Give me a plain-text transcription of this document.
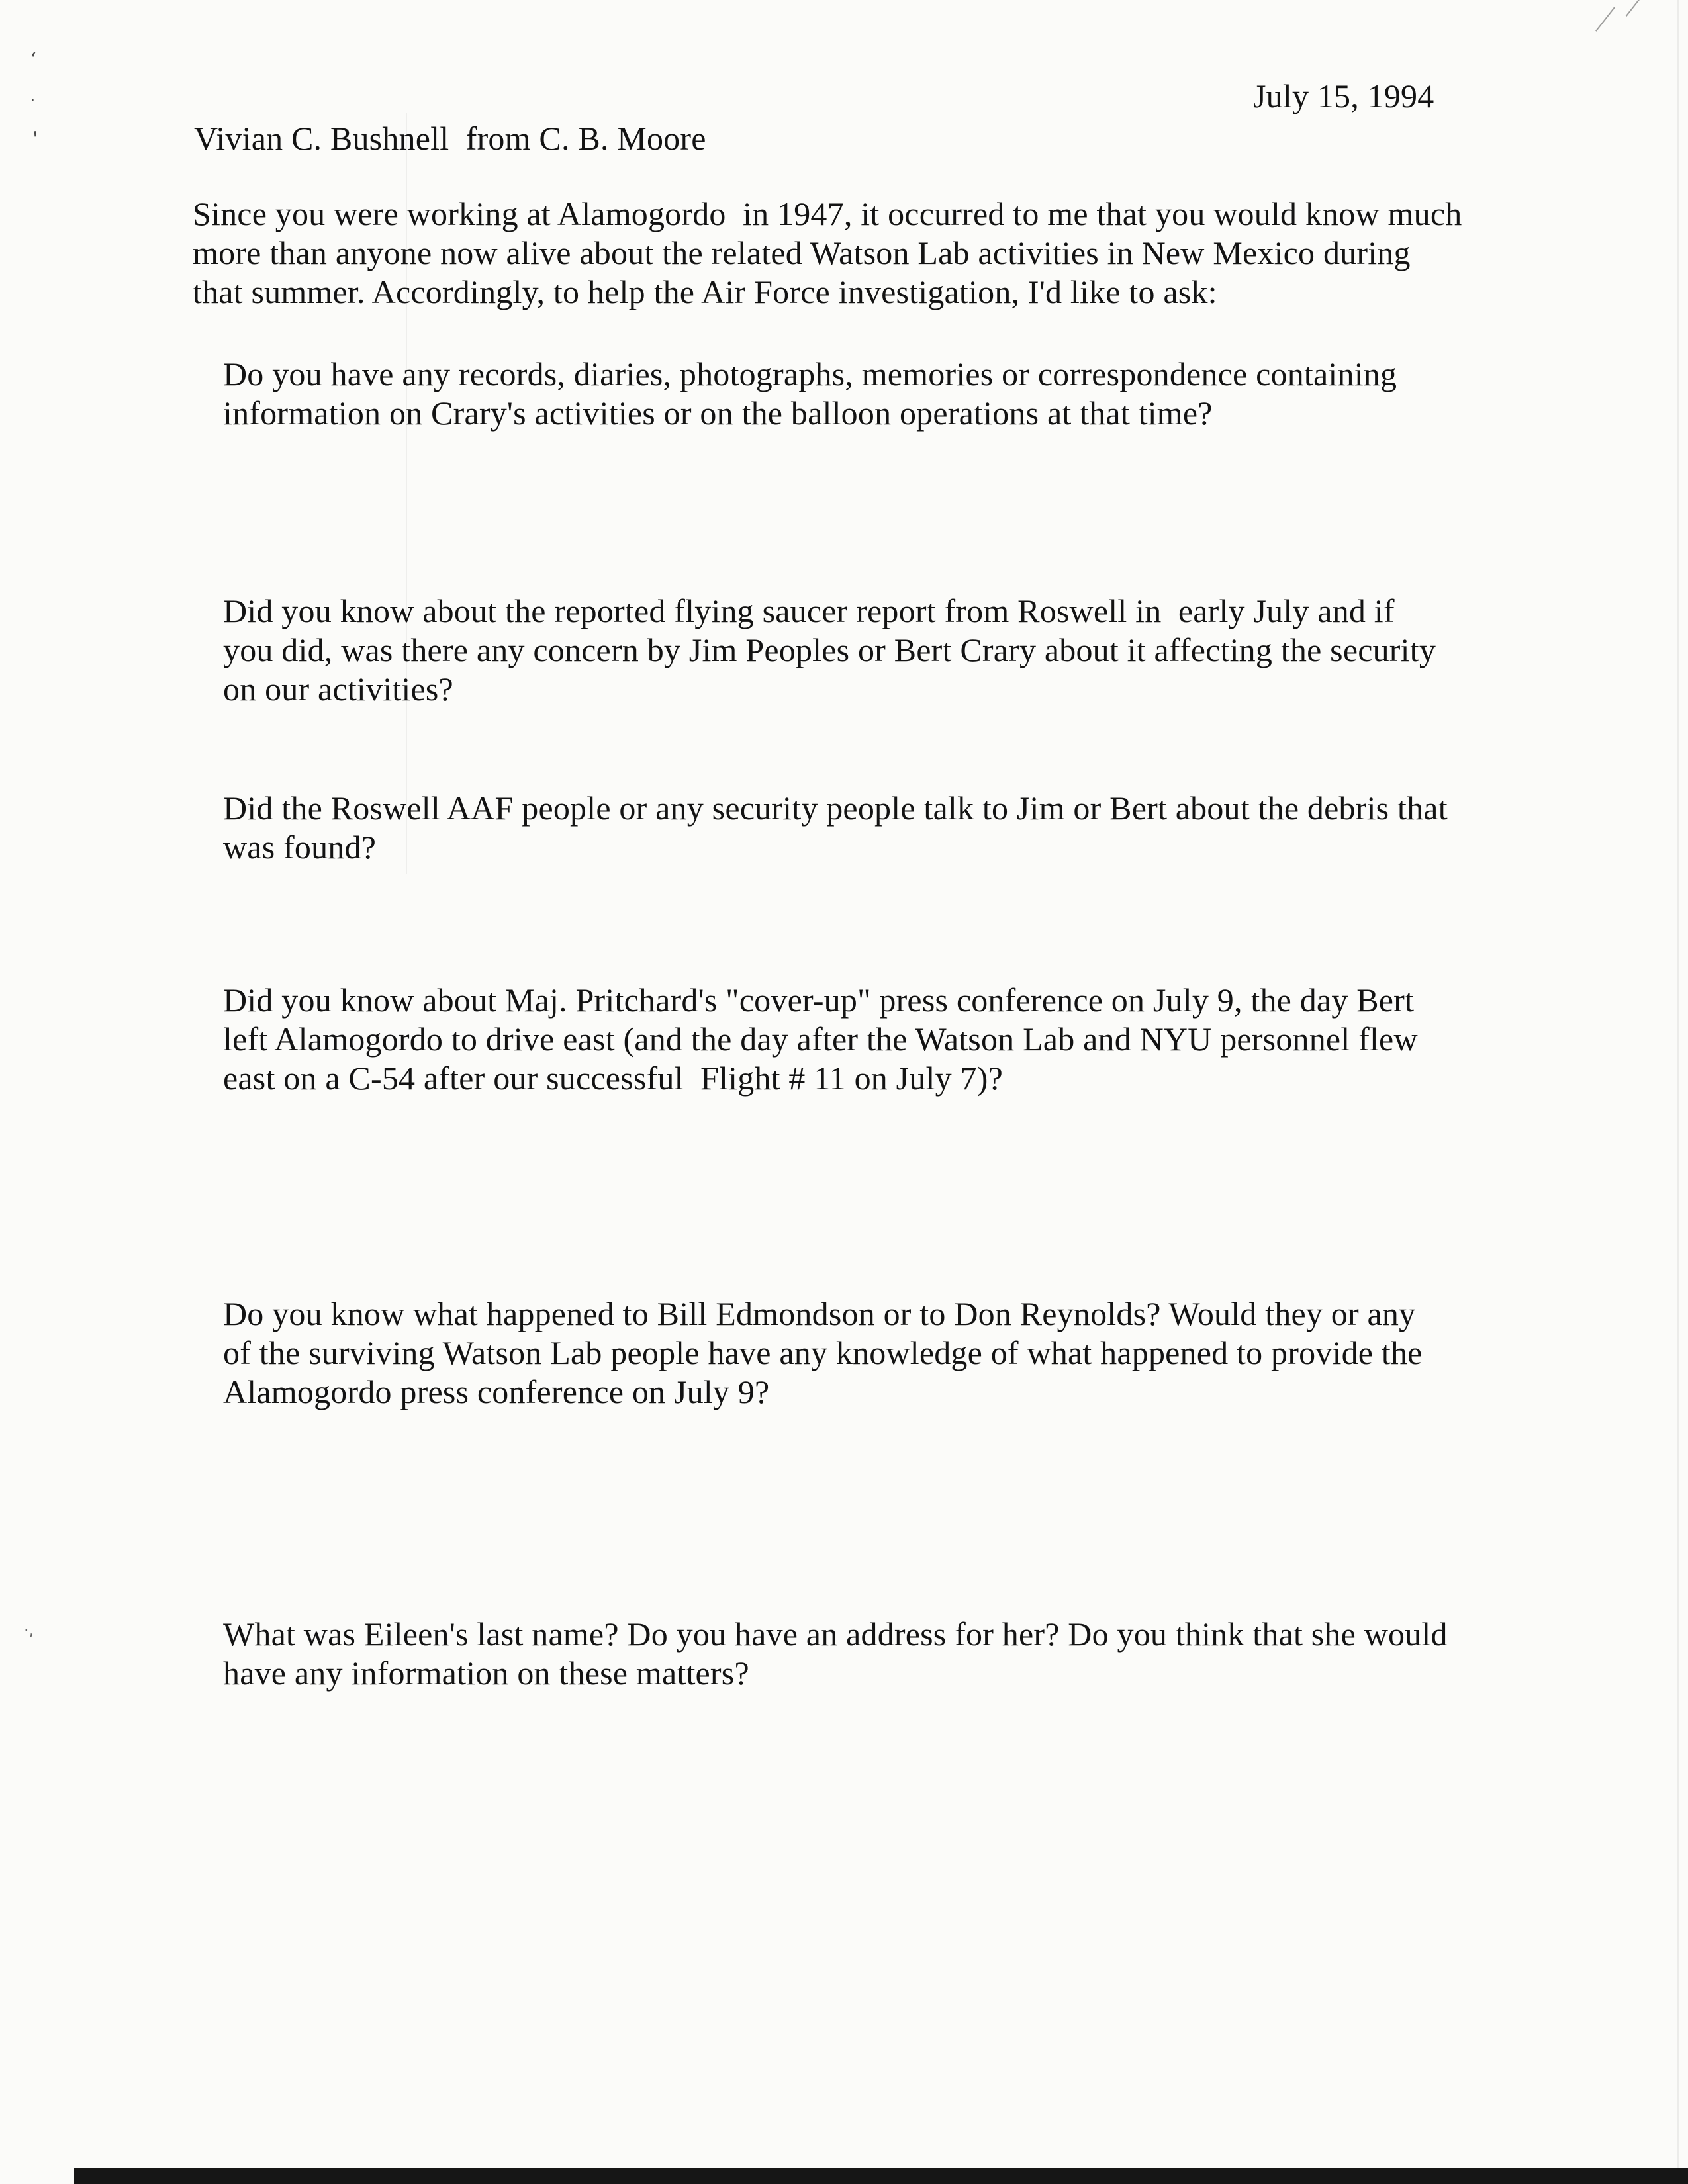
‘
·
'
·,
July 15, 1994
Vivian C. Bushnell  from C. B. Moore
Since you were working at Alamogordo  in 1947, it occurred to me that you would know much more than anyone now alive about the related Watson Lab activities in New Mexico during that summer. Accordingly, to help the Air Force investigation, I'd like to ask:
Do you have any records, diaries, photographs, memories or correspondence containing information on Crary's activities or on the balloon operations at that time?
Did you know about the reported flying saucer report from Roswell in  early July and if you did, was there any concern by Jim Peoples or Bert Crary about it affecting the security on our activities?
Did the Roswell AAF people or any security people talk to Jim or Bert about the debris that was found?
Did you know about Maj. Pritchard's "cover-up" press conference on July 9, the day Bert left Alamogordo to drive east (and the day after the Watson Lab and NYU personnel flew east on a C-54 after our successful  Flight # 11 on July 7)?
Do you know what happened to Bill Edmondson or to Don Reynolds? Would they or any of the surviving Watson Lab people have any knowledge of what happened to provide the Alamogordo press conference on July 9?
What was Eileen's last name? Do you have an address for her? Do you think that she would have any information on these matters?
